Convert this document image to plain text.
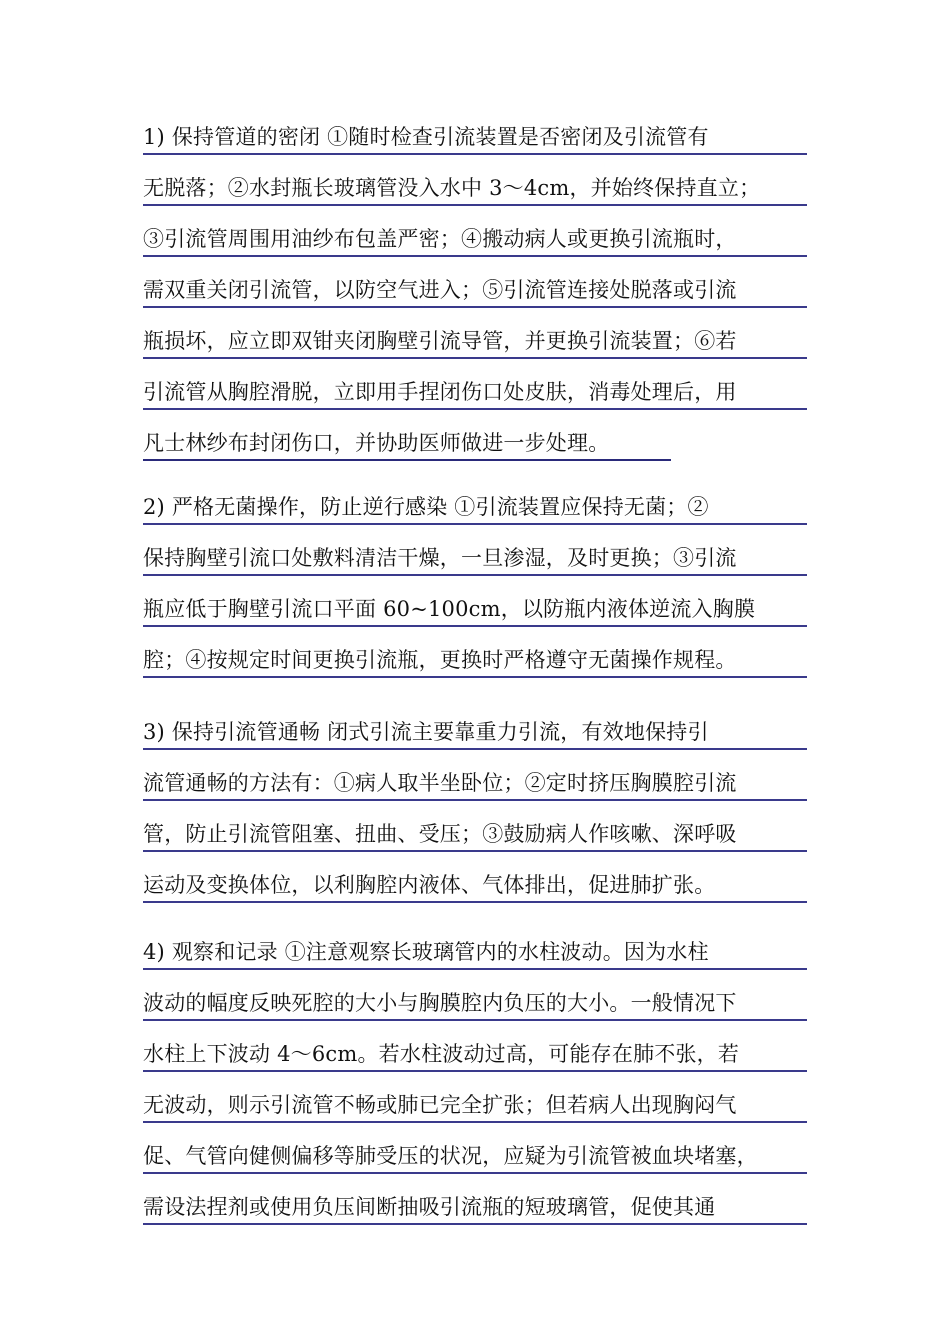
1) 保持管道的密闭 ①随时检查引流装置是否密闭及引流管有
无脱落；②水封瓶长玻璃管没入水中 3～4cm，并始终保持直立；
③引流管周围用油纱布包盖严密；④搬动病人或更换引流瓶时，
需双重关闭引流管，以防空气进入；⑤引流管连接处脱落或引流
瓶损坏，应立即双钳夹闭胸壁引流导管，并更换引流装置；⑥若
引流管从胸腔滑脱，立即用手捏闭伤口处皮肤，消毒处理后，用
凡士林纱布封闭伤口，并协助医师做进一步处理。
2) 严格无菌操作，防止逆行感染 ①引流装置应保持无菌；②
保持胸壁引流口处敷料清洁干燥，一旦渗湿，及时更换；③引流
瓶应低于胸壁引流口平面 60~100cm，以防瓶内液体逆流入胸膜
腔；④按规定时间更换引流瓶，更换时严格遵守无菌操作规程。
3) 保持引流管通畅 闭式引流主要靠重力引流，有效地保持引
流管通畅的方法有：①病人取半坐卧位；②定时挤压胸膜腔引流
管，防止引流管阻塞、扭曲、受压；③鼓励病人作咳嗽、深呼吸
运动及变换体位，以利胸腔内液体、气体排出，促进肺扩张。
4) 观察和记录 ①注意观察长玻璃管内的水柱波动。因为水柱
波动的幅度反映死腔的大小与胸膜腔内负压的大小。一般情况下
水柱上下波动 4～6cm。若水柱波动过高，可能存在肺不张，若
无波动，则示引流管不畅或肺已完全扩张；但若病人出现胸闷气
促、气管向健侧偏移等肺受压的状况，应疑为引流管被血块堵塞，
需设法捏剂或使用负压间断抽吸引流瓶的短玻璃管，促使其通
